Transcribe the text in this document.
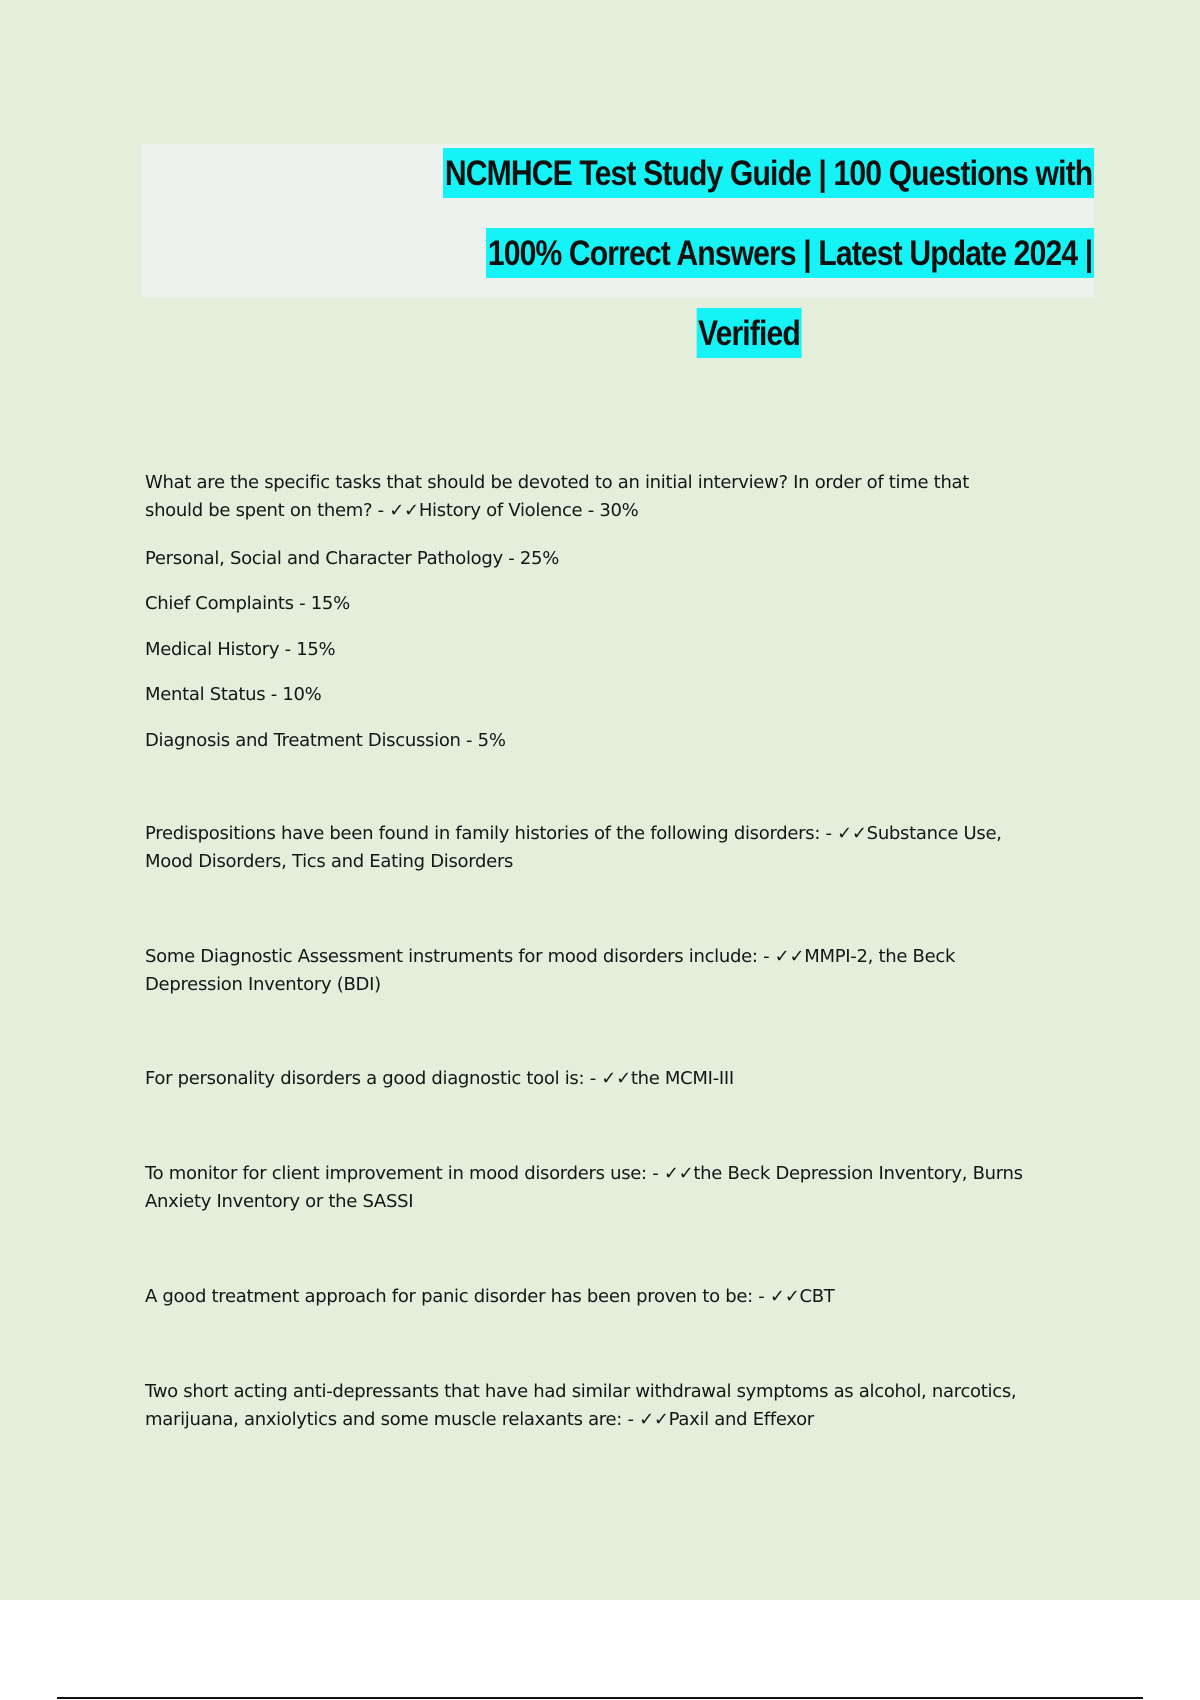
NCMHCE Test Study Guide | 100 Questions with
100% Correct Answers | Latest Update 2024 |
Verified

What are the specific tasks that should be devoted to an initial interview? In order of time that should be spent on them? - ✓✓History of Violence - 30%

Personal, Social and Character Pathology - 25%

Chief Complaints - 15%

Medical History - 15%

Mental Status - 10%

Diagnosis and Treatment Discussion - 5%

Predispositions have been found in family histories of the following disorders: - ✓✓Substance Use, Mood Disorders, Tics and Eating Disorders

Some Diagnostic Assessment instruments for mood disorders include: - ✓✓MMPI-2, the Beck Depression Inventory (BDI)

For personality disorders a good diagnostic tool is: - ✓✓the MCMI-III

To monitor for client improvement in mood disorders use: - ✓✓the Beck Depression Inventory, Burns Anxiety Inventory or the SASSI

A good treatment approach for panic disorder has been proven to be: - ✓✓CBT

Two short acting anti-depressants that have had similar withdrawal symptoms as alcohol, narcotics, marijuana, anxiolytics and some muscle relaxants are: - ✓✓Paxil and Effexor
